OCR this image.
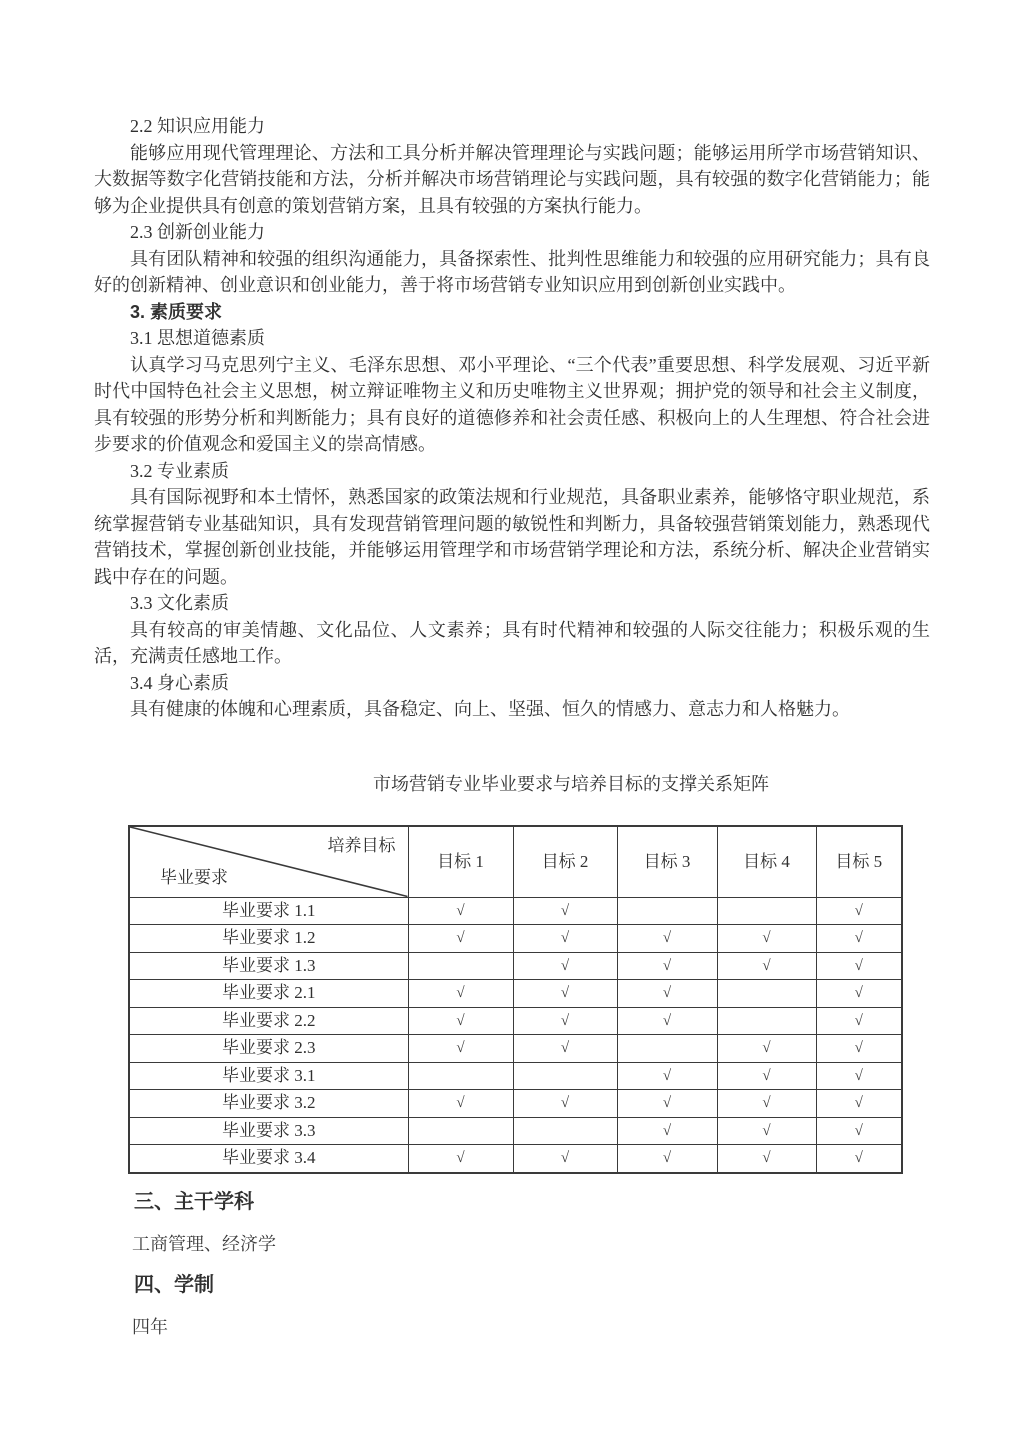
2.2 知识应用能力

能够应用现代管理理论、方法和工具分析并解决管理理论与实践问题；能够运用所学市场营销知识、大数据等数字化营销技能和方法，分析并解决市场营销理论与实践问题，具有较强的数字化营销能力；能够为企业提供具有创意的策划营销方案，且具有较强的方案执行能力。

2.3 创新创业能力

具有团队精神和较强的组织沟通能力，具备探索性、批判性思维能力和较强的应用研究能力；具有良好的创新精神、创业意识和创业能力，善于将市场营销专业知识应用到创新创业实践中。

3. 素质要求

3.1 思想道德素质

认真学习马克思列宁主义、毛泽东思想、邓小平理论、“三个代表”重要思想、科学发展观、习近平新时代中国特色社会主义思想，树立辩证唯物主义和历史唯物主义世界观；拥护党的领导和社会主义制度，具有较强的形势分析和判断能力；具有良好的道德修养和社会责任感、积极向上的人生理想、符合社会进步要求的价值观念和爱国主义的崇高情感。

3.2 专业素质

具有国际视野和本土情怀，熟悉国家的政策法规和行业规范，具备职业素养，能够恪守职业规范，系统掌握营销专业基础知识，具有发现营销管理问题的敏锐性和判断力，具备较强营销策划能力，熟悉现代营销技术，掌握创新创业技能，并能够运用管理学和市场营销学理论和方法，系统分析、解决企业营销实践中存在的问题。

3.3 文化素质

具有较高的审美情趣、文化品位、人文素养；具有时代精神和较强的人际交往能力；积极乐观的生活，充满责任感地工作。

3.4 身心素质

具有健康的体魄和心理素质，具备稳定、向上、坚强、恒久的情感力、意志力和人格魅力。

市场营销专业毕业要求与培养目标的支撑关系矩阵

培养目标
毕业要求	目标 1	目标 2	目标 3	目标 4	目标 5
毕业要求 1.1	√	√			√
毕业要求 1.2	√	√	√	√	√
毕业要求 1.3		√	√	√	√
毕业要求 2.1	√	√	√		√
毕业要求 2.2	√	√	√		√
毕业要求 2.3	√	√		√	√
毕业要求 3.1			√	√	√
毕业要求 3.2	√	√	√	√	√
毕业要求 3.3			√	√	√
毕业要求 3.4	√	√	√	√	√

三、主干学科

工商管理、经济学

四、学制

四年
